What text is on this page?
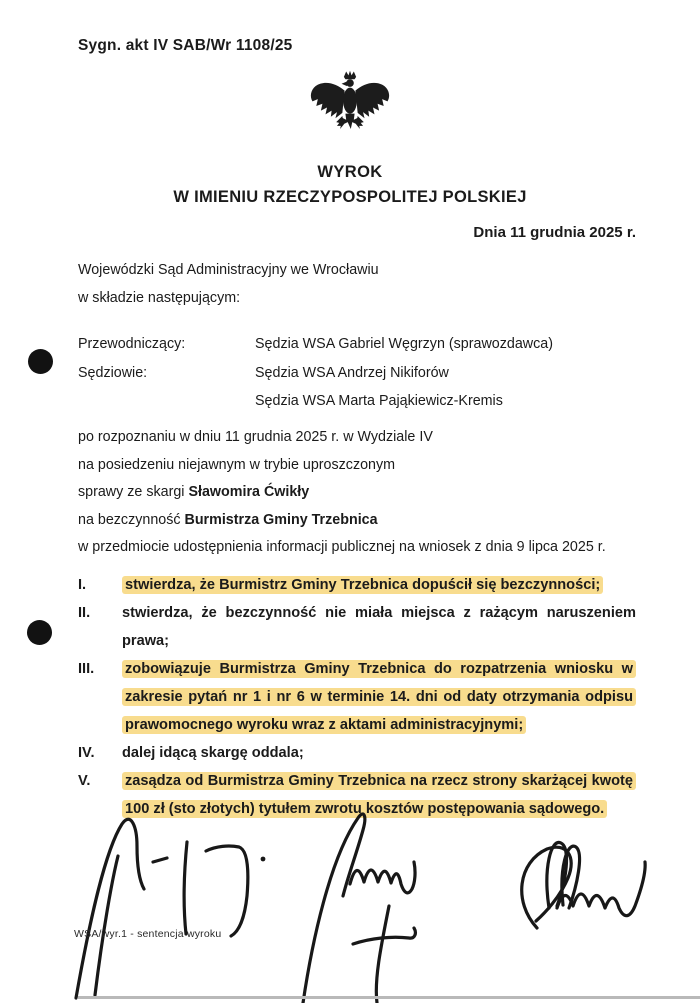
Sygn. akt IV SAB/Wr 1108/25
WYROK
W IMIENIU RZECZYPOSPOLITEJ POLSKIEJ
Dnia 11 grudnia 2025 r.
Wojewódzki Sąd Administracyjny we Wrocławiu
w składzie następującym:
Przewodniczący:	Sędzia WSA Gabriel Węgrzyn (sprawozdawca)
Sędziowie:	Sędzia WSA Andrzej Nikiforów
Sędzia WSA Marta Pająkiewicz-Kremis
po rozpoznaniu w dniu 11 grudnia 2025 r. w Wydziale IV
na posiedzeniu niejawnym w trybie uproszczonym
sprawy ze skargi Sławomira Ćwikły
na bezczynność Burmistrza Gminy Trzebnica
w przedmiocie udostępnienia informacji publicznej na wniosek z dnia 9 lipca 2025 r.
I.	stwierdza, że Burmistrz Gminy Trzebnica dopuścił się bezczynności;
II.	stwierdza, że bezczynność nie miała miejsca z rażącym naruszeniem prawa;
III.	zobowiązuje Burmistrza Gminy Trzebnica do rozpatrzenia wniosku w zakresie pytań nr 1 i nr 6 w terminie 14. dni od daty otrzymania odpisu prawomocnego wyroku wraz z aktami administracyjnymi;
IV.	dalej idącą skargę oddala;
V.	zasądza od Burmistrza Gminy Trzebnica na rzecz strony skarżącej kwotę 100 zł (sto złotych) tytułem zwrotu kosztów postępowania sądowego.
WSA/wyr.1 - sentencja wyroku
